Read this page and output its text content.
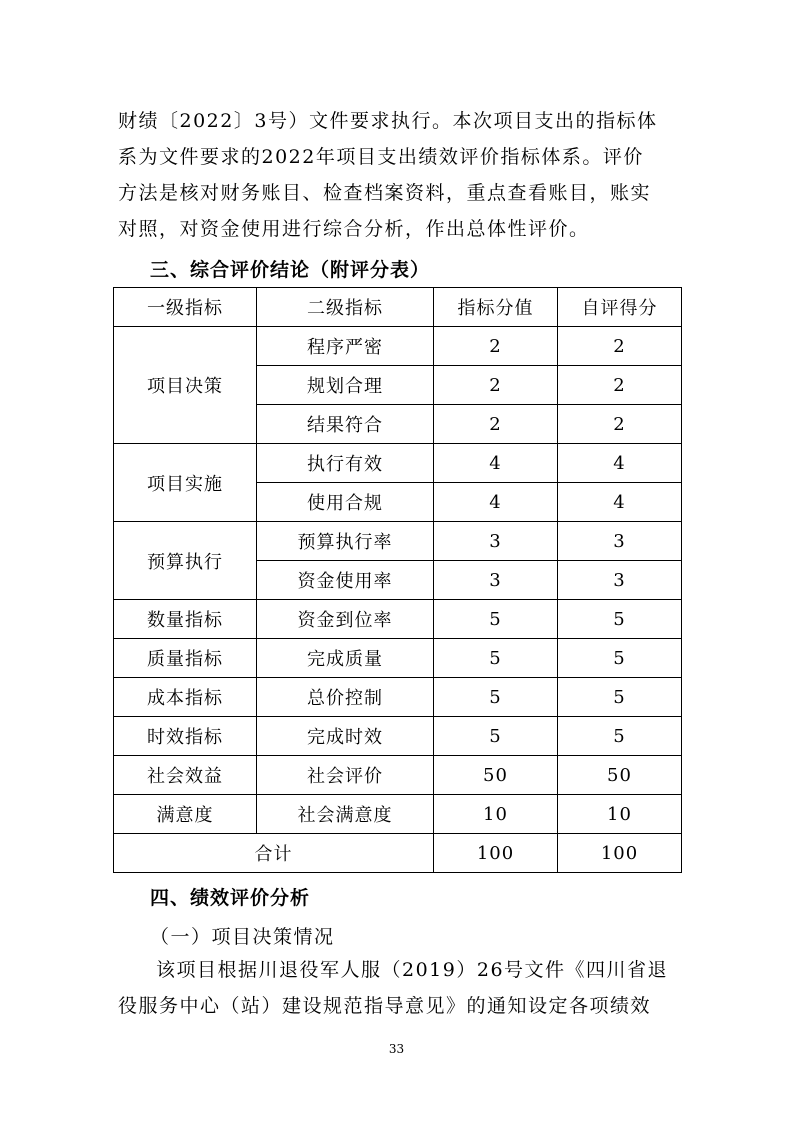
财绩〔2022〕3号）文件要求执行。本次项目支出的指标体
系为文件要求的2022年项目支出绩效评价指标体系。评价
方法是核对财务账目、检查档案资料，重点查看账目，账实
对照，对资金使用进行综合分析，作出总体性评价。
三、综合评价结论（附评分表）
一级指标	二级指标	指标分值	自评得分
项目决策	程序严密	2	2
	规划合理	2	2
	结果符合	2	2
项目实施	执行有效	4	4
	使用合规	4	4
预算执行	预算执行率	3	3
	资金使用率	3	3
数量指标	资金到位率	5	5
质量指标	完成质量	5	5
成本指标	总价控制	5	5
时效指标	完成时效	5	5
社会效益	社会评价	50	50
满意度	社会满意度	10	10
合计		100	100
四、绩效评价分析

（一）项目决策情况

该项目根据川退役军人服（2019）26号文件《四川省退
役服务中心（站）建设规范指导意见》的通知设定各项绩效
33
